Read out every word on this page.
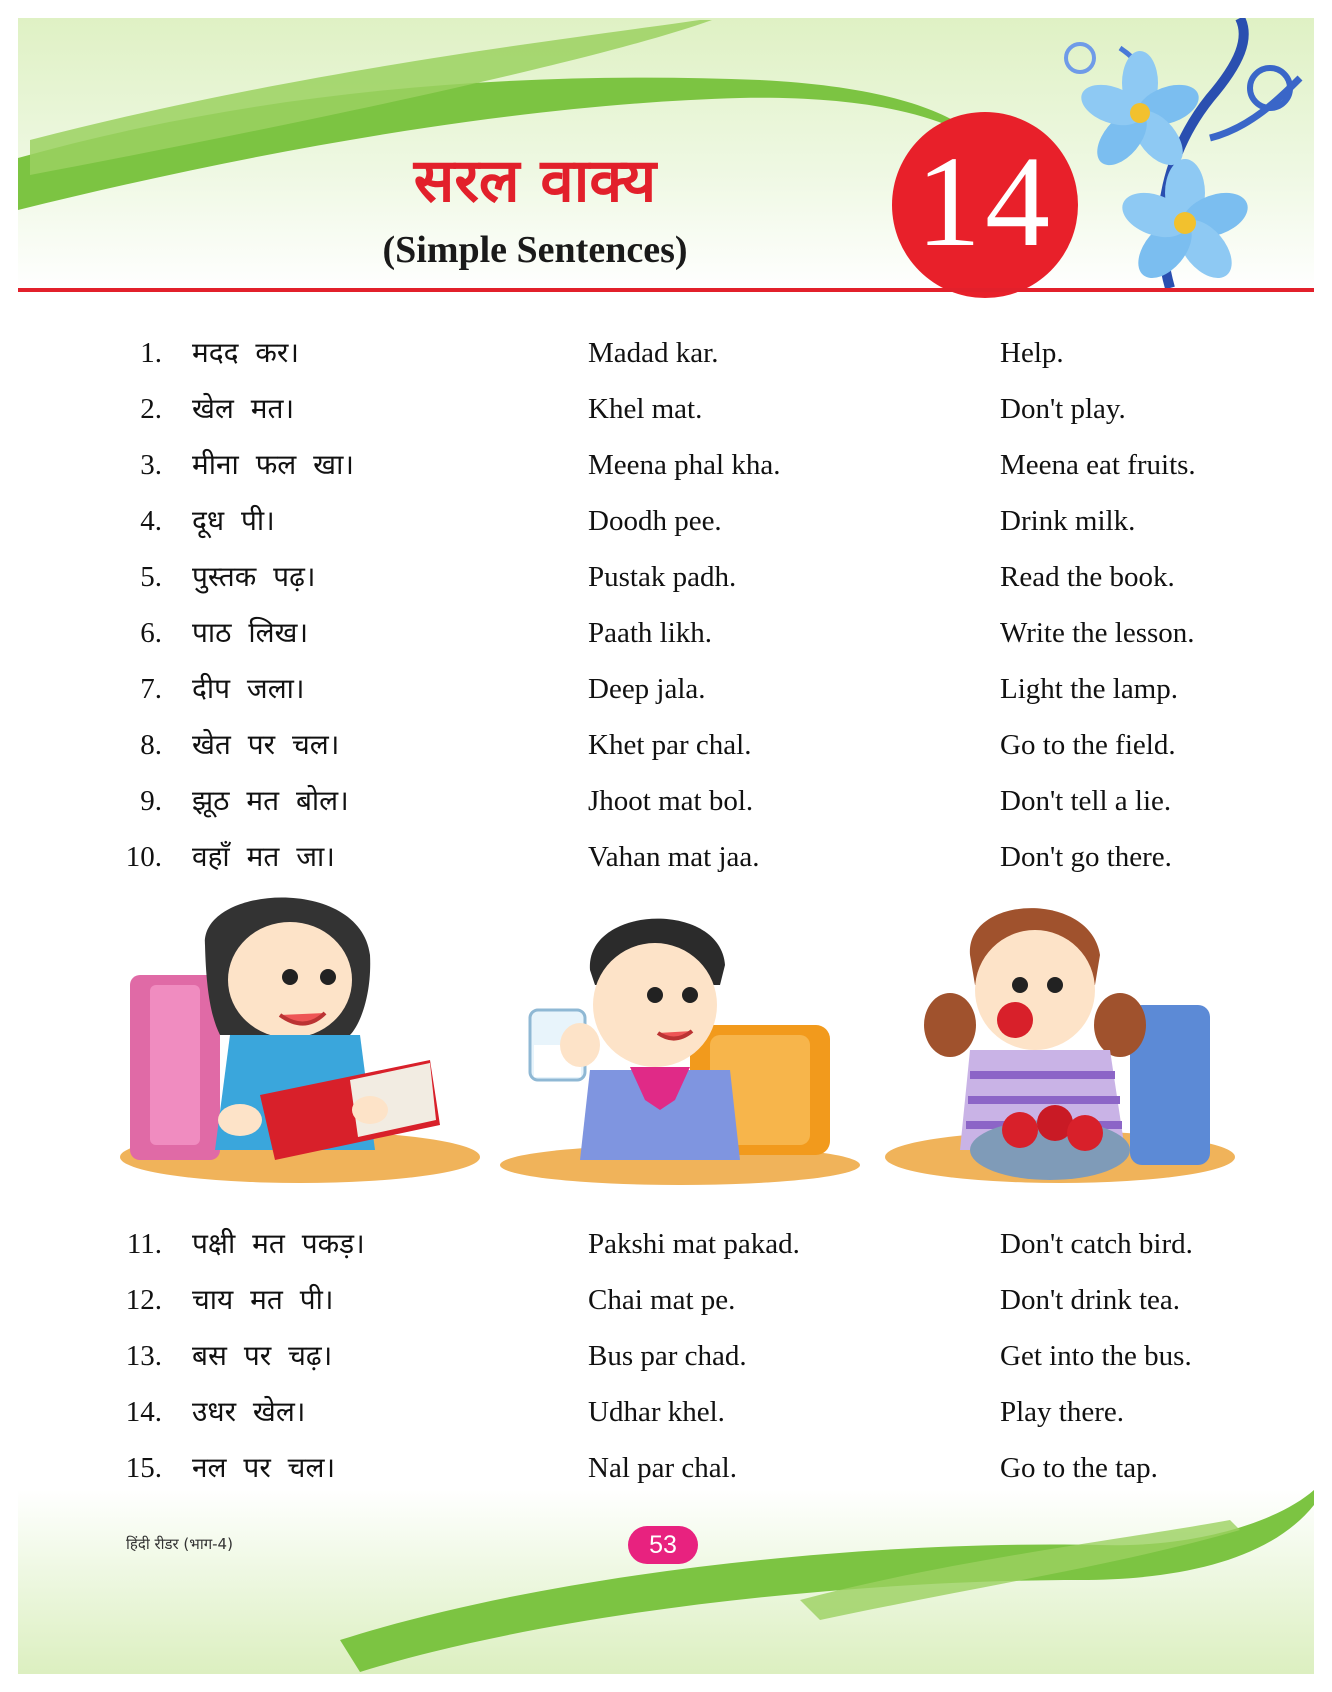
सरल वाक्य
(Simple Sentences)	14
1. मदद कर।	Madad kar.	Help.
2. खेल मत।	Khel mat.	Don't play.
3. मीना फल खा।	Meena phal kha.	Meena eat fruits.
4. दूध पी।	Doodh pee.	Drink milk.
5. पुस्तक पढ़।	Pustak padh.	Read the book.
6. पाठ लिख।	Paath likh.	Write the lesson.
7. दीप जला।	Deep jala.	Light the lamp.
8. खेत पर चल।	Khet par chal.	Go to the field.
9. झूठ मत बोल।	Jhoot mat bol.	Don't tell a lie.
10. वहाँ मत जा।	Vahan mat jaa.	Don't go there.
11. पक्षी मत पकड़।	Pakshi mat pakad.	Don't catch bird.
12. चाय मत पी।	Chai mat pe.	Don't drink tea.
13. बस पर चढ़।	Bus par chad.	Get into the bus.
14. उधर खेल।	Udhar khel.	Play there.
15. नल पर चल।	Nal par chal.	Go to the tap.
हिंदी रीडर (भाग-4)	53
